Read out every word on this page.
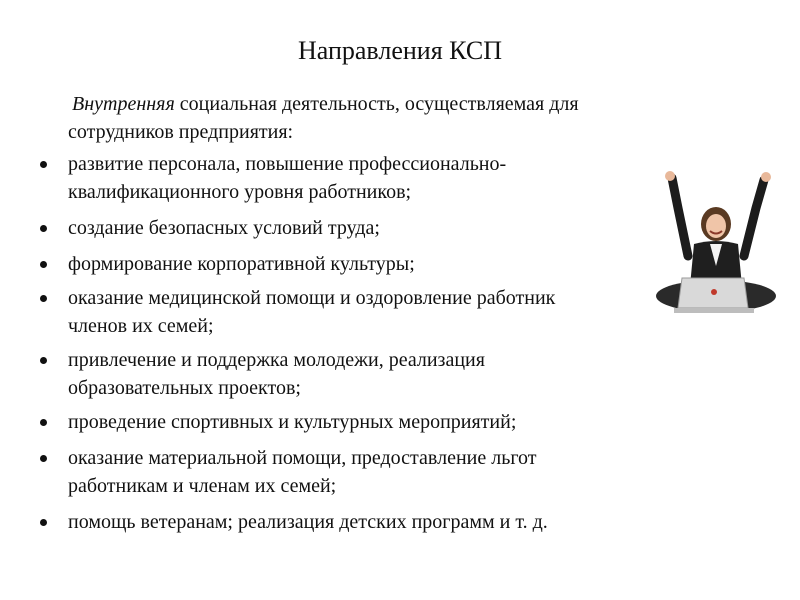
Направления КСП
Внутренняя социальная деятельность, осуществляемая для
сотрудников предприятия:
развитие персонала, повышение профессионально-
квалификационного уровня работников;
создание безопасных условий труда;
формирование корпоративной культуры;
оказание медицинской помощи и оздоровление работник
членов их семей;
привлечение и поддержка молодежи, реализация
образовательных проектов;
проведение спортивных и культурных мероприятий;
оказание материальной помощи, предоставление льгот
работникам и членам их семей;
помощь ветеранам; реализация детских программ и т. д.
